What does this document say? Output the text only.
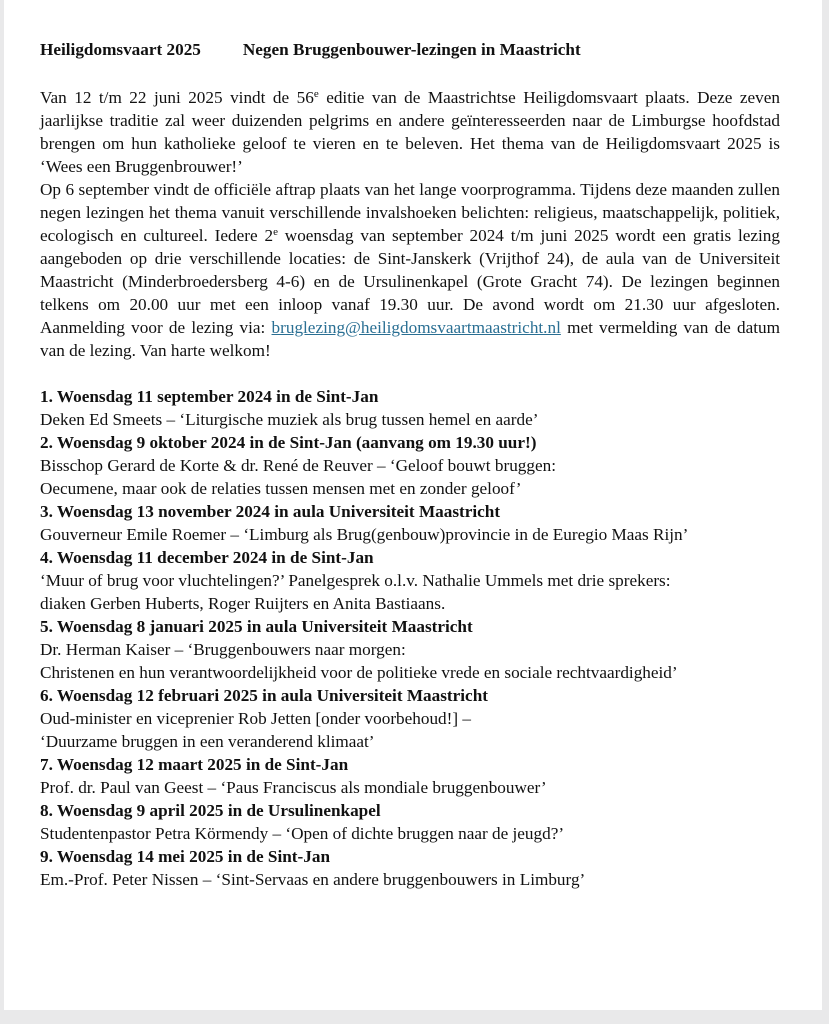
Heiligdomsvaart 2025 Negen Bruggenbouwer-lezingen in Maastricht

Van 12 t/m 22 juni 2025 vindt de 56e editie van de Maastrichtse Heiligdomsvaart plaats. Deze zeven jaarlijkse traditie zal weer duizenden pelgrims en andere geïnteresseerden naar de Limburgse hoofdstad brengen om hun katholieke geloof te vieren en te beleven. Het thema van de Heiligdomsvaart 2025 is ‘Wees een Bruggenbrouwer!’

Op 6 september vindt de officiële aftrap plaats van het lange voorprogramma. Tijdens deze maanden zullen negen lezingen het thema vanuit verschillende invalshoeken belichten: religieus, maatschappelijk, politiek, ecologisch en cultureel. Iedere 2e woensdag van september 2024 t/m juni 2025 wordt een gratis lezing aangeboden op drie verschillende locaties: de Sint-Janskerk (Vrijthof 24), de aula van de Universiteit Maastricht (Minderbroedersberg 4-6) en de Ursulinenkapel (Grote Gracht 74). De lezingen beginnen telkens om 20.00 uur met een inloop vanaf 19.30 uur. De avond wordt om 21.30 uur afgesloten. Aanmelding voor de lezing via: bruglezing@heiligdomsvaartmaastricht.nl met vermelding van de datum van de lezing. Van harte welkom!

1. Woensdag 11 september 2024 in de Sint-Jan
Deken Ed Smeets – ‘Liturgische muziek als brug tussen hemel en aarde’
2. Woensdag 9 oktober 2024 in de Sint-Jan (aanvang om 19.30 uur!)
Bisschop Gerard de Korte & dr. René de Reuver – ‘Geloof bouwt bruggen:
Oecumene, maar ook de relaties tussen mensen met en zonder geloof’
3. Woensdag 13 november 2024 in aula Universiteit Maastricht
Gouverneur Emile Roemer – ‘Limburg als Brug(genbouw)provincie in de Euregio Maas Rijn’
4. Woensdag 11 december 2024 in de Sint-Jan
‘Muur of brug voor vluchtelingen?’ Panelgesprek o.l.v. Nathalie Ummels met drie sprekers:
diaken Gerben Huberts, Roger Ruijters en Anita Bastiaans.
5. Woensdag 8 januari 2025 in aula Universiteit Maastricht
Dr. Herman Kaiser – ‘Bruggenbouwers naar morgen:
Christenen en hun verantwoordelijkheid voor de politieke vrede en sociale rechtvaardigheid’
6. Woensdag 12 februari 2025 in aula Universiteit Maastricht
Oud-minister en viceprenier Rob Jetten [onder voorbehoud!] –
‘Duurzame bruggen in een veranderend klimaat’
7. Woensdag 12 maart 2025 in de Sint-Jan
Prof. dr. Paul van Geest – ‘Paus Franciscus als mondiale bruggenbouwer’
8. Woensdag 9 april 2025 in de Ursulinenkapel
Studentenpastor Petra Körmendy – ‘Open of dichte bruggen naar de jeugd?’
9. Woensdag 14 mei 2025 in de Sint-Jan
Em.-Prof. Peter Nissen – ‘Sint-Servaas en andere bruggenbouwers in Limburg’
